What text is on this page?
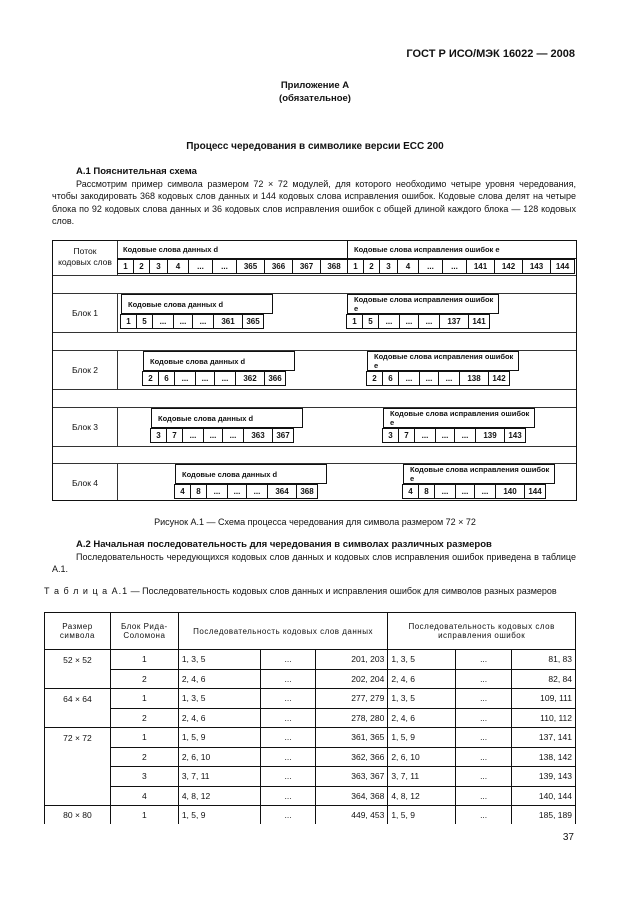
ГОСТ Р ИСО/МЭК 16022 — 2008
Приложение А
(обязательное)
Процесс чередования в символике версии ЕСС 200
А.1 Пояснительная схема

Рассмотрим пример символа размером 72 × 72 модулей, для которого необходимо четыре уровня чередования, чтобы закодировать 368 кодовых слов данных и 144 кодовых слова исправления ошибок. Кодовые слова делят на четыре блока по 92 кодовых слова данных и 36 кодовых слов исправления ошибок с общей длиной каждого блока — 128 кодовых слов.

Поток
кодовых слов
Кодовые слова данных d	Кодовые слова исправления ошибок e
1	2	3	4	...	...	365	366	367	368	1	2	3	4	...	...	141	142	143	144
Блок 1
Кодовые слова данных d	Кодовые слова исправления ошибок e
1	5	...	...	...	361	365	1	5	...	...	...	137	141
Блок 2
Кодовые слова данных d	Кодовые слова исправления ошибок e
2	6	...	...	...	362	366	2	6	...	...	...	138	142
Блок 3
Кодовые слова данных d	Кодовые слова исправления ошибок e
3	7	...	...	...	363	367	3	7	...	...	...	139	143
Блок 4
Кодовые слова данных d	Кодовые слова исправления ошибок e
4	8	...	...	...	364	368	4	8	...	...	...	140	144
Рисунок А.1 — Схема процесса чередования для символа размером 72 × 72
А.2 Начальная последовательность для чередования в символах различных размеров

Последовательность чередующихся кодовых слов данных и кодовых слов исправления ошибок приведена в таблице А.1.

Т а б л и ц а А.1 — Последовательность кодовых слов данных и исправления ошибок для символов разных размеров
Размер символа	Блок Рида-Соломона	Последовательность кодовых слов данных			Последовательность кодовых слов исправления ошибок		
52 × 52	1	1, 3, 5	...	201, 203	1, 3, 5	...	81, 83
	2	2, 4, 6	...	202, 204	2, 4, 6	...	82, 84
64 × 64	1	1, 3, 5	...	277, 279	1, 3, 5	...	109, 111
	2	2, 4, 6	...	278, 280	2, 4, 6	...	110, 112
72 × 72	1	1, 5, 9	...	361, 365	1, 5, 9	...	137, 141
	2	2, 6, 10	...	362, 366	2, 6, 10	...	138, 142
	3	3, 7, 11	...	363, 367	3, 7, 11	...	139, 143
	4	4, 8, 12	...	364, 368	4, 8, 12	...	140, 144
80 × 80	1	1, 5, 9	...	449, 453	1, 5, 9	...	185, 189
37
